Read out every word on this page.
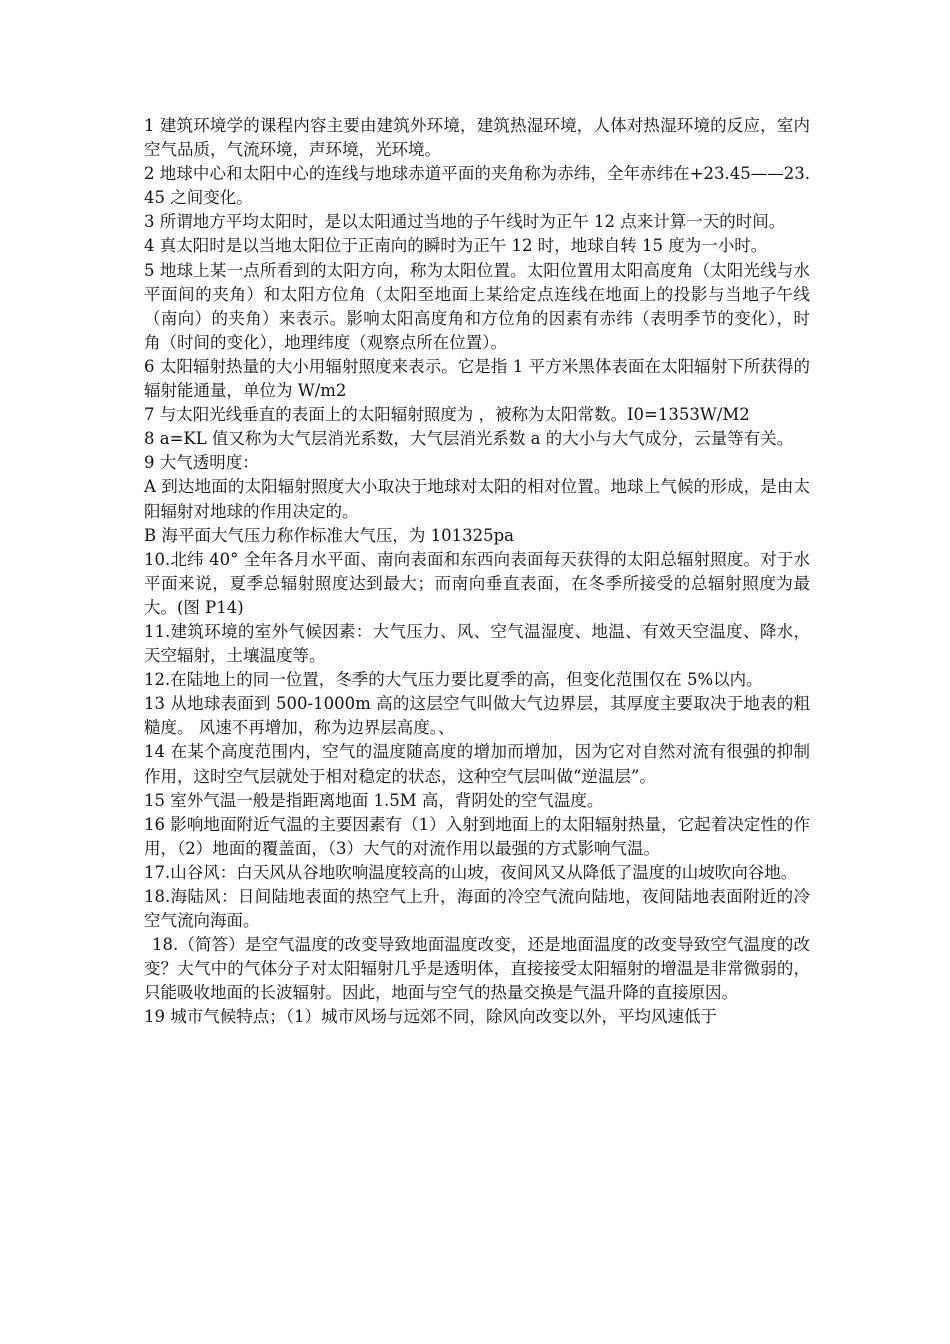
1 建筑环境学的课程内容主要由建筑外环境，建筑热湿环境，人体对热湿环境的反应，室内空气品质，气流环境，声环境，光环境。

2 地球中心和太阳中心的连线与地球赤道平面的夹角称为赤纬，全年赤纬在+23.45——23.45 之间变化。

3 所谓地方平均太阳时，是以太阳通过当地的子午线时为正午 12 点来计算一天的时间。

4 真太阳时是以当地太阳位于正南向的瞬时为正午 12 时，地球自转 15 度为一小时。

5 地球上某一点所看到的太阳方向，称为太阳位置。太阳位置用太阳高度角（太阳光线与水平面间的夹角）和太阳方位角（太阳至地面上某给定点连线在地面上的投影与当地子午线（南向）的夹角）来表示。影响太阳高度角和方位角的因素有赤纬（表明季节的变化），时角（时间的变化），地理纬度（观察点所在位置）。

6 太阳辐射热量的大小用辐射照度来表示。它是指 1 平方米黑体表面在太阳辐射下所获得的辐射能通量，单位为 W/m2

7 与太阳光线垂直的表面上的太阳辐射照度为 ，被称为太阳常数。I0=1353W/M2

8 a=KL 值又称为大气层消光系数，大气层消光系数 a 的大小与大气成分，云量等有关。

9 大气透明度：

A 到达地面的太阳辐射照度大小取决于地球对太阳的相对位置。地球上气候的形成，是由太阳辐射对地球的作用决定的。

B 海平面大气压力称作标准大气压，为 101325pa

10.北纬 40° 全年各月水平面、南向表面和东西向表面每天获得的太阳总辐射照度。对于水平面来说，夏季总辐射照度达到最大；而南向垂直表面，在冬季所接受的总辐射照度为最大。(图 P14)

11.建筑环境的室外气候因素：大气压力、风、空气温湿度、地温、有效天空温度、降水，天空辐射，土壤温度等。

12.在陆地上的同一位置，冬季的大气压力要比夏季的高，但变化范围仅在 5%以内。

13 从地球表面到 500-1000m 高的这层空气叫做大气边界层，其厚度主要取决于地表的粗糙度。 风速不再增加，称为边界层高度。、

14 在某个高度范围内，空气的温度随高度的增加而增加，因为它对自然对流有很强的抑制作用，这时空气层就处于相对稳定的状态，这种空气层叫做“逆温层”。

15 室外气温一般是指距离地面 1.5M 高，背阴处的空气温度。

16 影响地面附近气温的主要因素有（1）入射到地面上的太阳辐射热量，它起着决定性的作用，（2）地面的覆盖面，（3）大气的对流作用以最强的方式影响气温。

17.山谷风：白天风从谷地吹响温度较高的山坡，夜间风又从降低了温度的山坡吹向谷地。

18.海陆风：日间陆地表面的热空气上升，海面的冷空气流向陆地，夜间陆地表面附近的冷空气流向海面。

18.（简答）是空气温度的改变导致地面温度改变，还是地面温度的改变导致空气温度的改变？大气中的气体分子对太阳辐射几乎是透明体，直接接受太阳辐射的增温是非常微弱的，只能吸收地面的长波辐射。因此，地面与空气的热量交换是气温升降的直接原因。

19 城市气候特点；（1）城市风场与远郊不同，除风向改变以外，平均风速低于
